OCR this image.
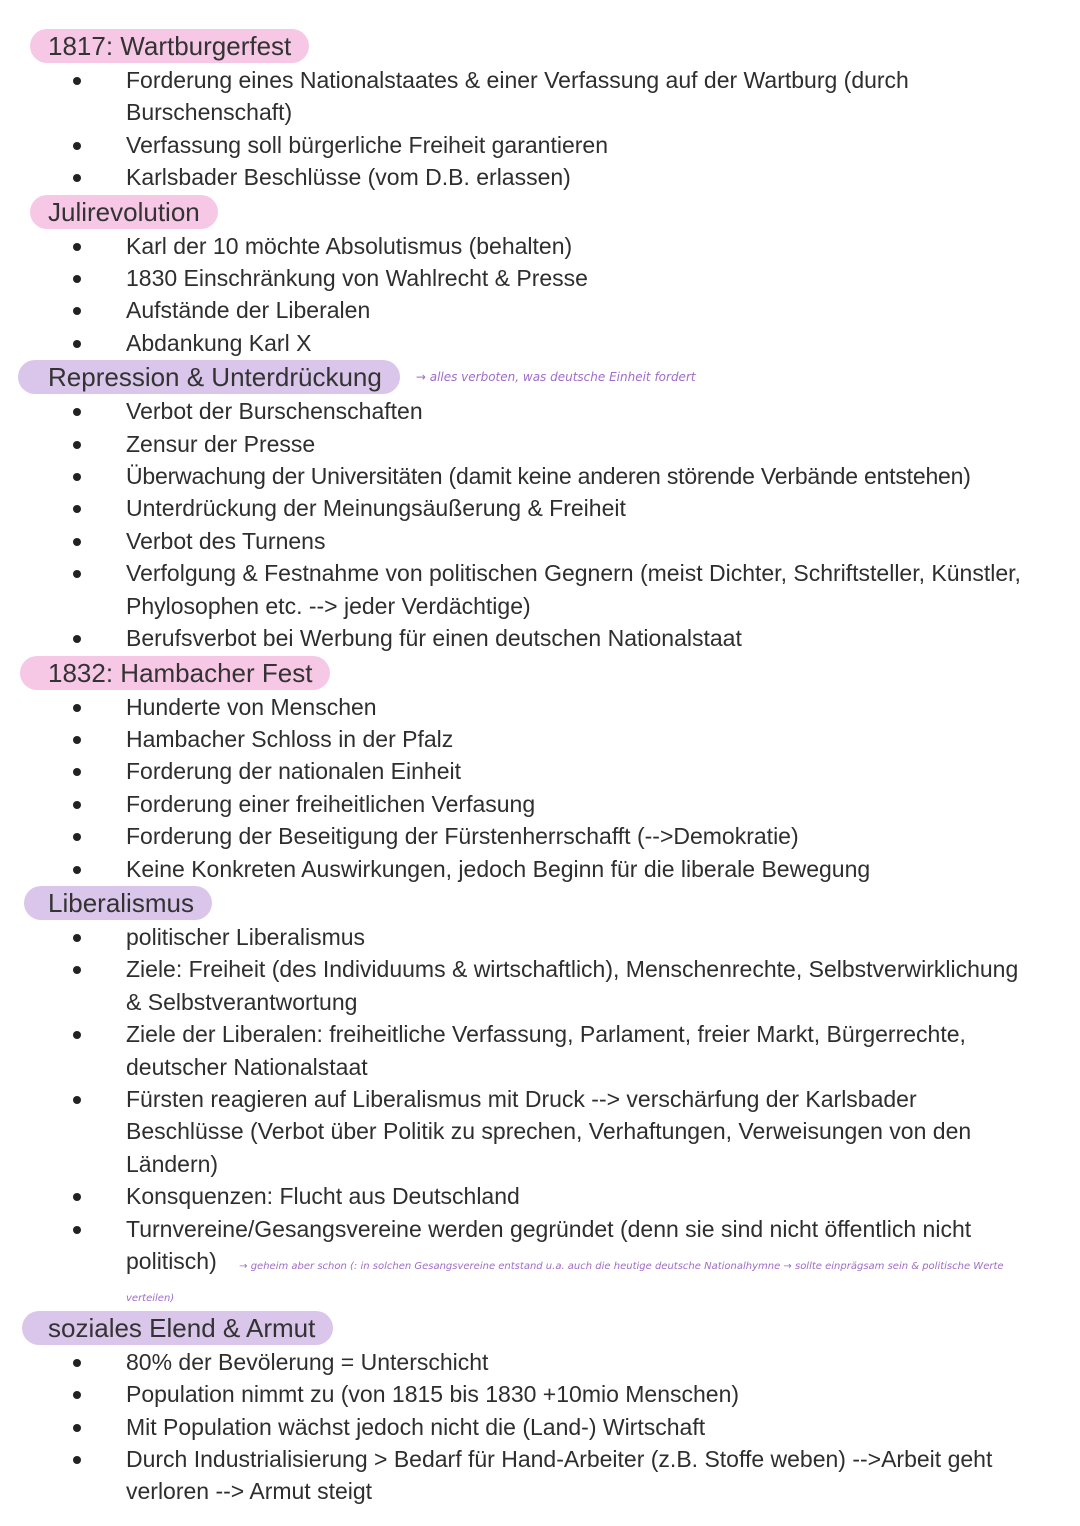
1817: Wartburgerfest
Forderung eines Nationalstaates & einer Verfassung auf der Wartburg (durch Burschenschaft)
Verfassung soll bürgerliche Freiheit garantieren
Karlsbader Beschlüsse (vom D.B. erlassen)
Julirevolution
Karl der 10 möchte Absolutismus (behalten)
1830 Einschränkung von Wahlrecht & Presse
Aufstände der Liberalen
Abdankung Karl X
Repression & Unterdrückung	→ alles verboten, was deutsche Einheit fordert
Verbot der Burschenschaften
Zensur der Presse
Überwachung der Universitäten (damit keine anderen störende Verbände entstehen)
Unterdrückung der Meinungsäußerung & Freiheit
Verbot des Turnens
Verfolgung & Festnahme von politischen Gegnern (meist Dichter, Schriftsteller, Künstler, Phylosophen etc. --> jeder Verdächtige)
Berufsverbot bei Werbung für einen deutschen Nationalstaat
1832: Hambacher Fest
Hunderte von Menschen
Hambacher Schloss in der Pfalz
Forderung der nationalen Einheit
Forderung einer freiheitlichen Verfasung
Forderung der Beseitigung der Fürstenherrschafft (-->Demokratie)
Keine Konkreten Auswirkungen, jedoch Beginn für die liberale Bewegung
Liberalismus
politischer Liberalismus
Ziele: Freiheit (des Individuums & wirtschaftlich), Menschenrechte, Selbstverwirklichung & Selbstverantwortung
Ziele der Liberalen: freiheitliche Verfassung, Parlament, freier Markt, Bürgerrechte, deutscher Nationalstaat
Fürsten reagieren auf Liberalismus mit Druck --> verschärfung der Karlsbader Beschlüsse (Verbot über Politik zu sprechen, Verhaftungen, Verweisungen von den Ländern)
Konsquenzen: Flucht aus Deutschland
Turnvereine/Gesangsvereine werden gegründet (denn sie sind nicht öffentlich nicht politisch) → geheim aber schon (: in solchen Gesangsvereine entstand u.a. auch die heutige deutsche Nationalhymne → sollte einprägsam sein & politische Werte verteilen)
soziales Elend & Armut
80% der Bevölerung = Unterschicht
Population nimmt zu (von 1815 bis 1830 +10mio Menschen)
Mit Population wächst jedoch nicht die (Land-) Wirtschaft
Durch Industrialisierung > Bedarf für Hand-Arbeiter (z.B. Stoffe weben) -->Arbeit geht verloren --> Armut steigt
